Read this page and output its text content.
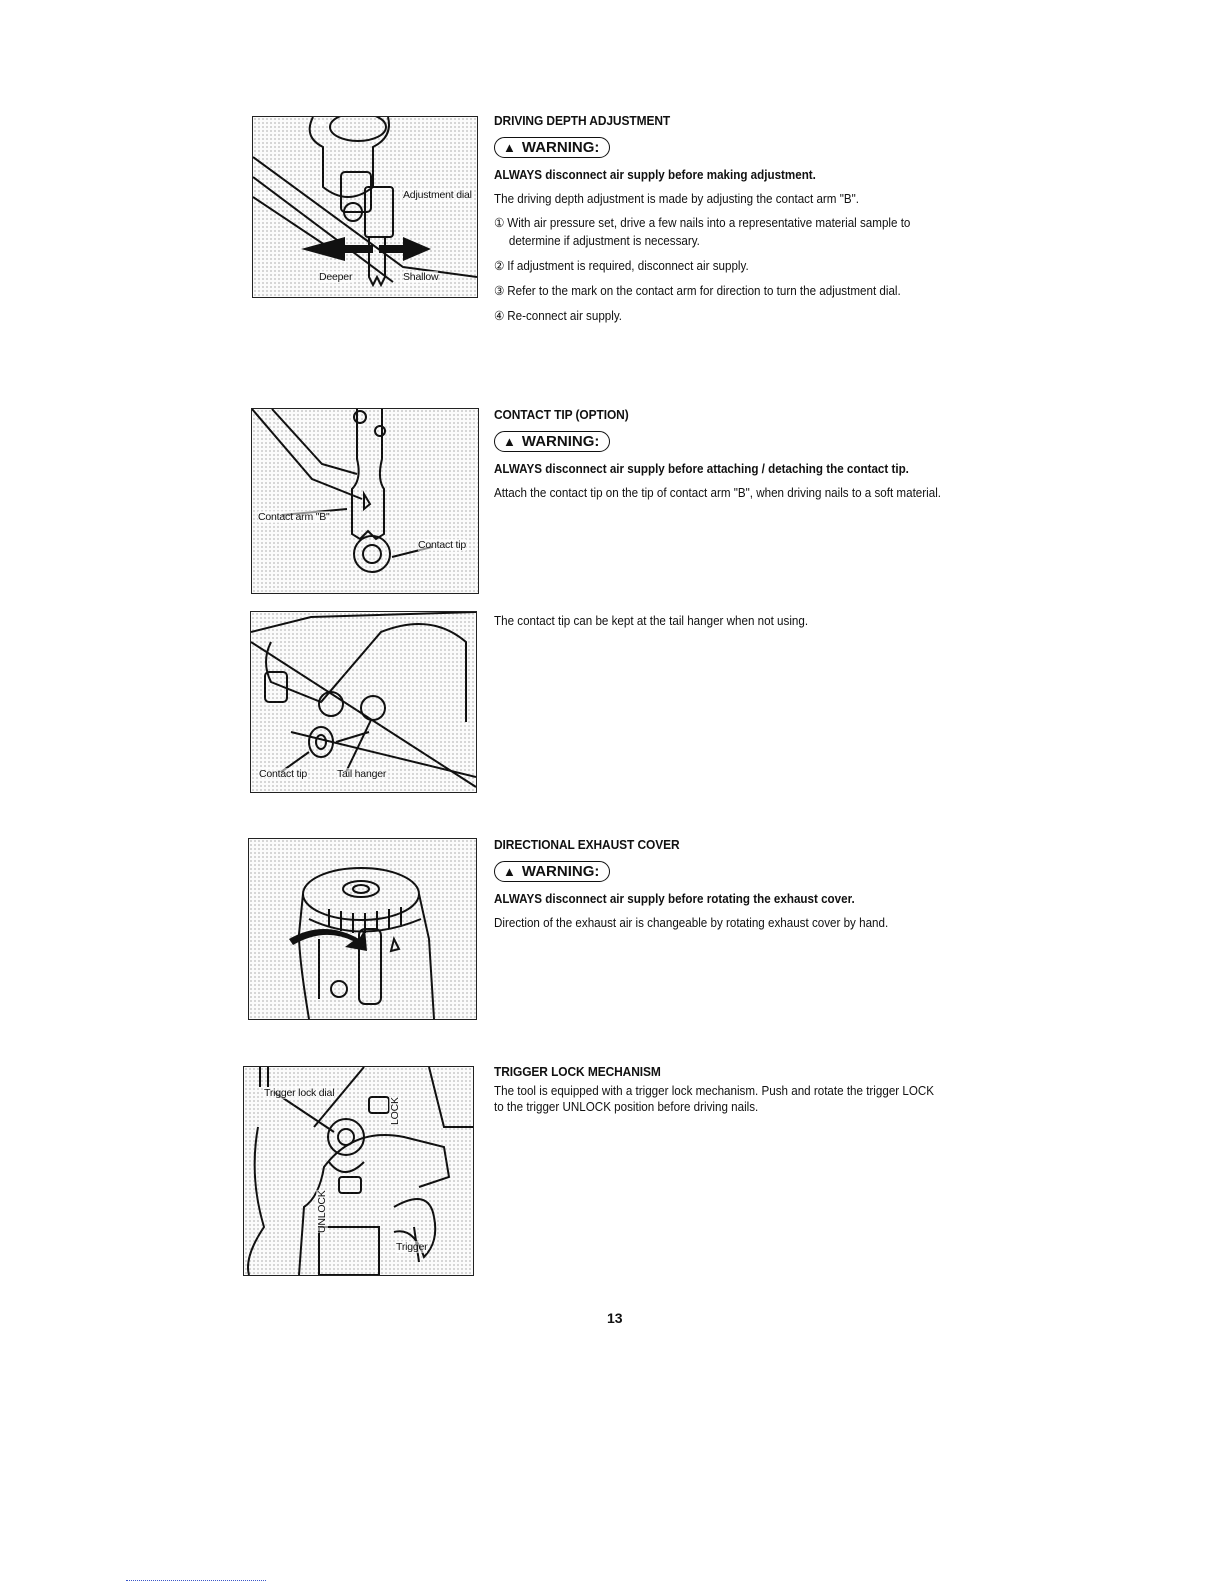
Adjustment dial
Deeper	Shallow
DRIVING DEPTH ADJUSTMENT
▲ WARNING:
ALWAYS disconnect air supply before making adjustment.
The driving depth adjustment is made by adjusting the contact arm "B".
① With air pressure set, drive a few nails into a representative material sample to
determine if adjustment is necessary.
② If adjustment is required, disconnect air supply.
③ Refer to the mark on the contact arm for direction to turn the adjustment dial.
④ Re-connect air supply.
Contact arm "B"
Contact tip
CONTACT TIP (OPTION)
▲ WARNING:
ALWAYS disconnect air supply before attaching / detaching the contact tip.
Attach the contact tip on the tip of contact arm "B", when driving nails to a soft material.
Contact tip	Tail hanger
The contact tip can be kept at the tail hanger when not using.
DIRECTIONAL EXHAUST COVER
▲ WARNING:
ALWAYS disconnect air supply before rotating the exhaust cover.
Direction of the exhaust air is changeable by rotating exhaust cover by hand.
Trigger lock dial
LOCK
UNLOCK
Trigger
TRIGGER LOCK MECHANISM
The tool is equipped with a trigger lock mechanism. Push and rotate the trigger LOCK
to the trigger UNLOCK position before driving nails.
13
